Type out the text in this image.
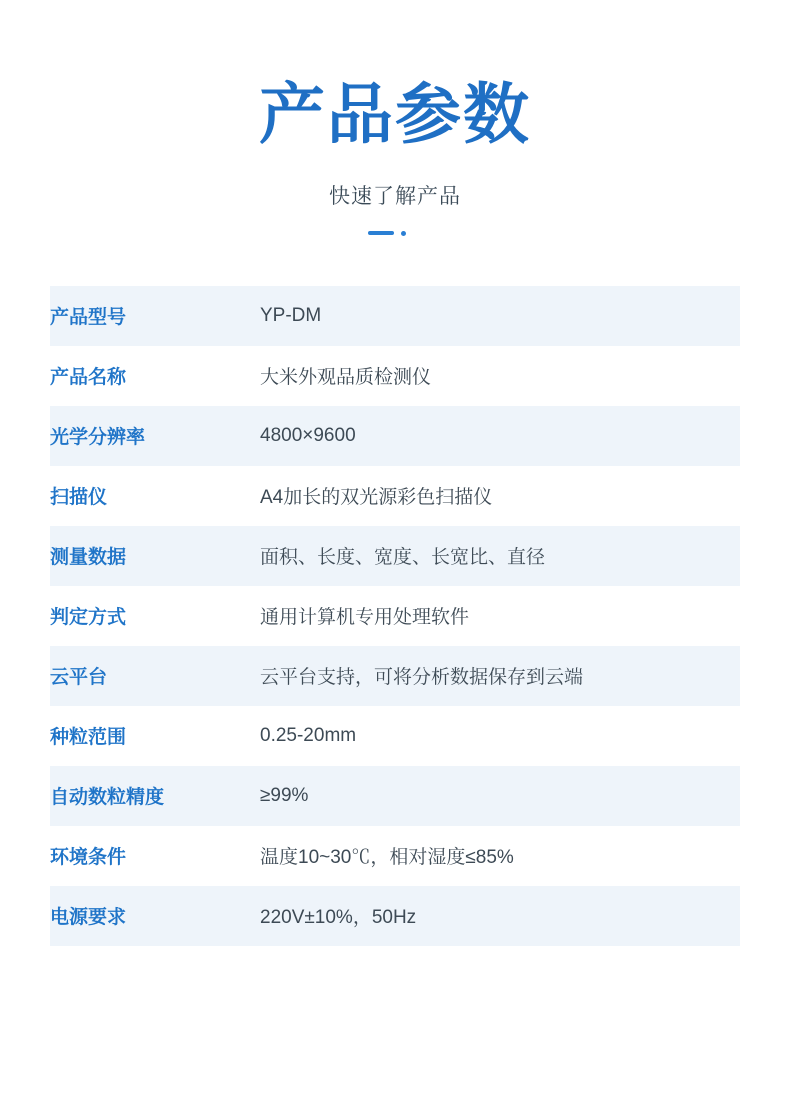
产品参数
快速了解产品
产品型号	YP-DM
产品名称	大米外观品质检测仪
光学分辨率	4800×9600
扫描仪	A4加长的双光源彩色扫描仪
测量数据	面积、长度、宽度、长宽比、直径
判定方式	通用计算机专用处理软件
云平台	云平台支持，可将分析数据保存到云端
种粒范围	0.25-20mm
自动数粒精度	≥99%
环境条件	温度10~30℃，相对湿度≤85%
电源要求	220V±10%，50Hz
